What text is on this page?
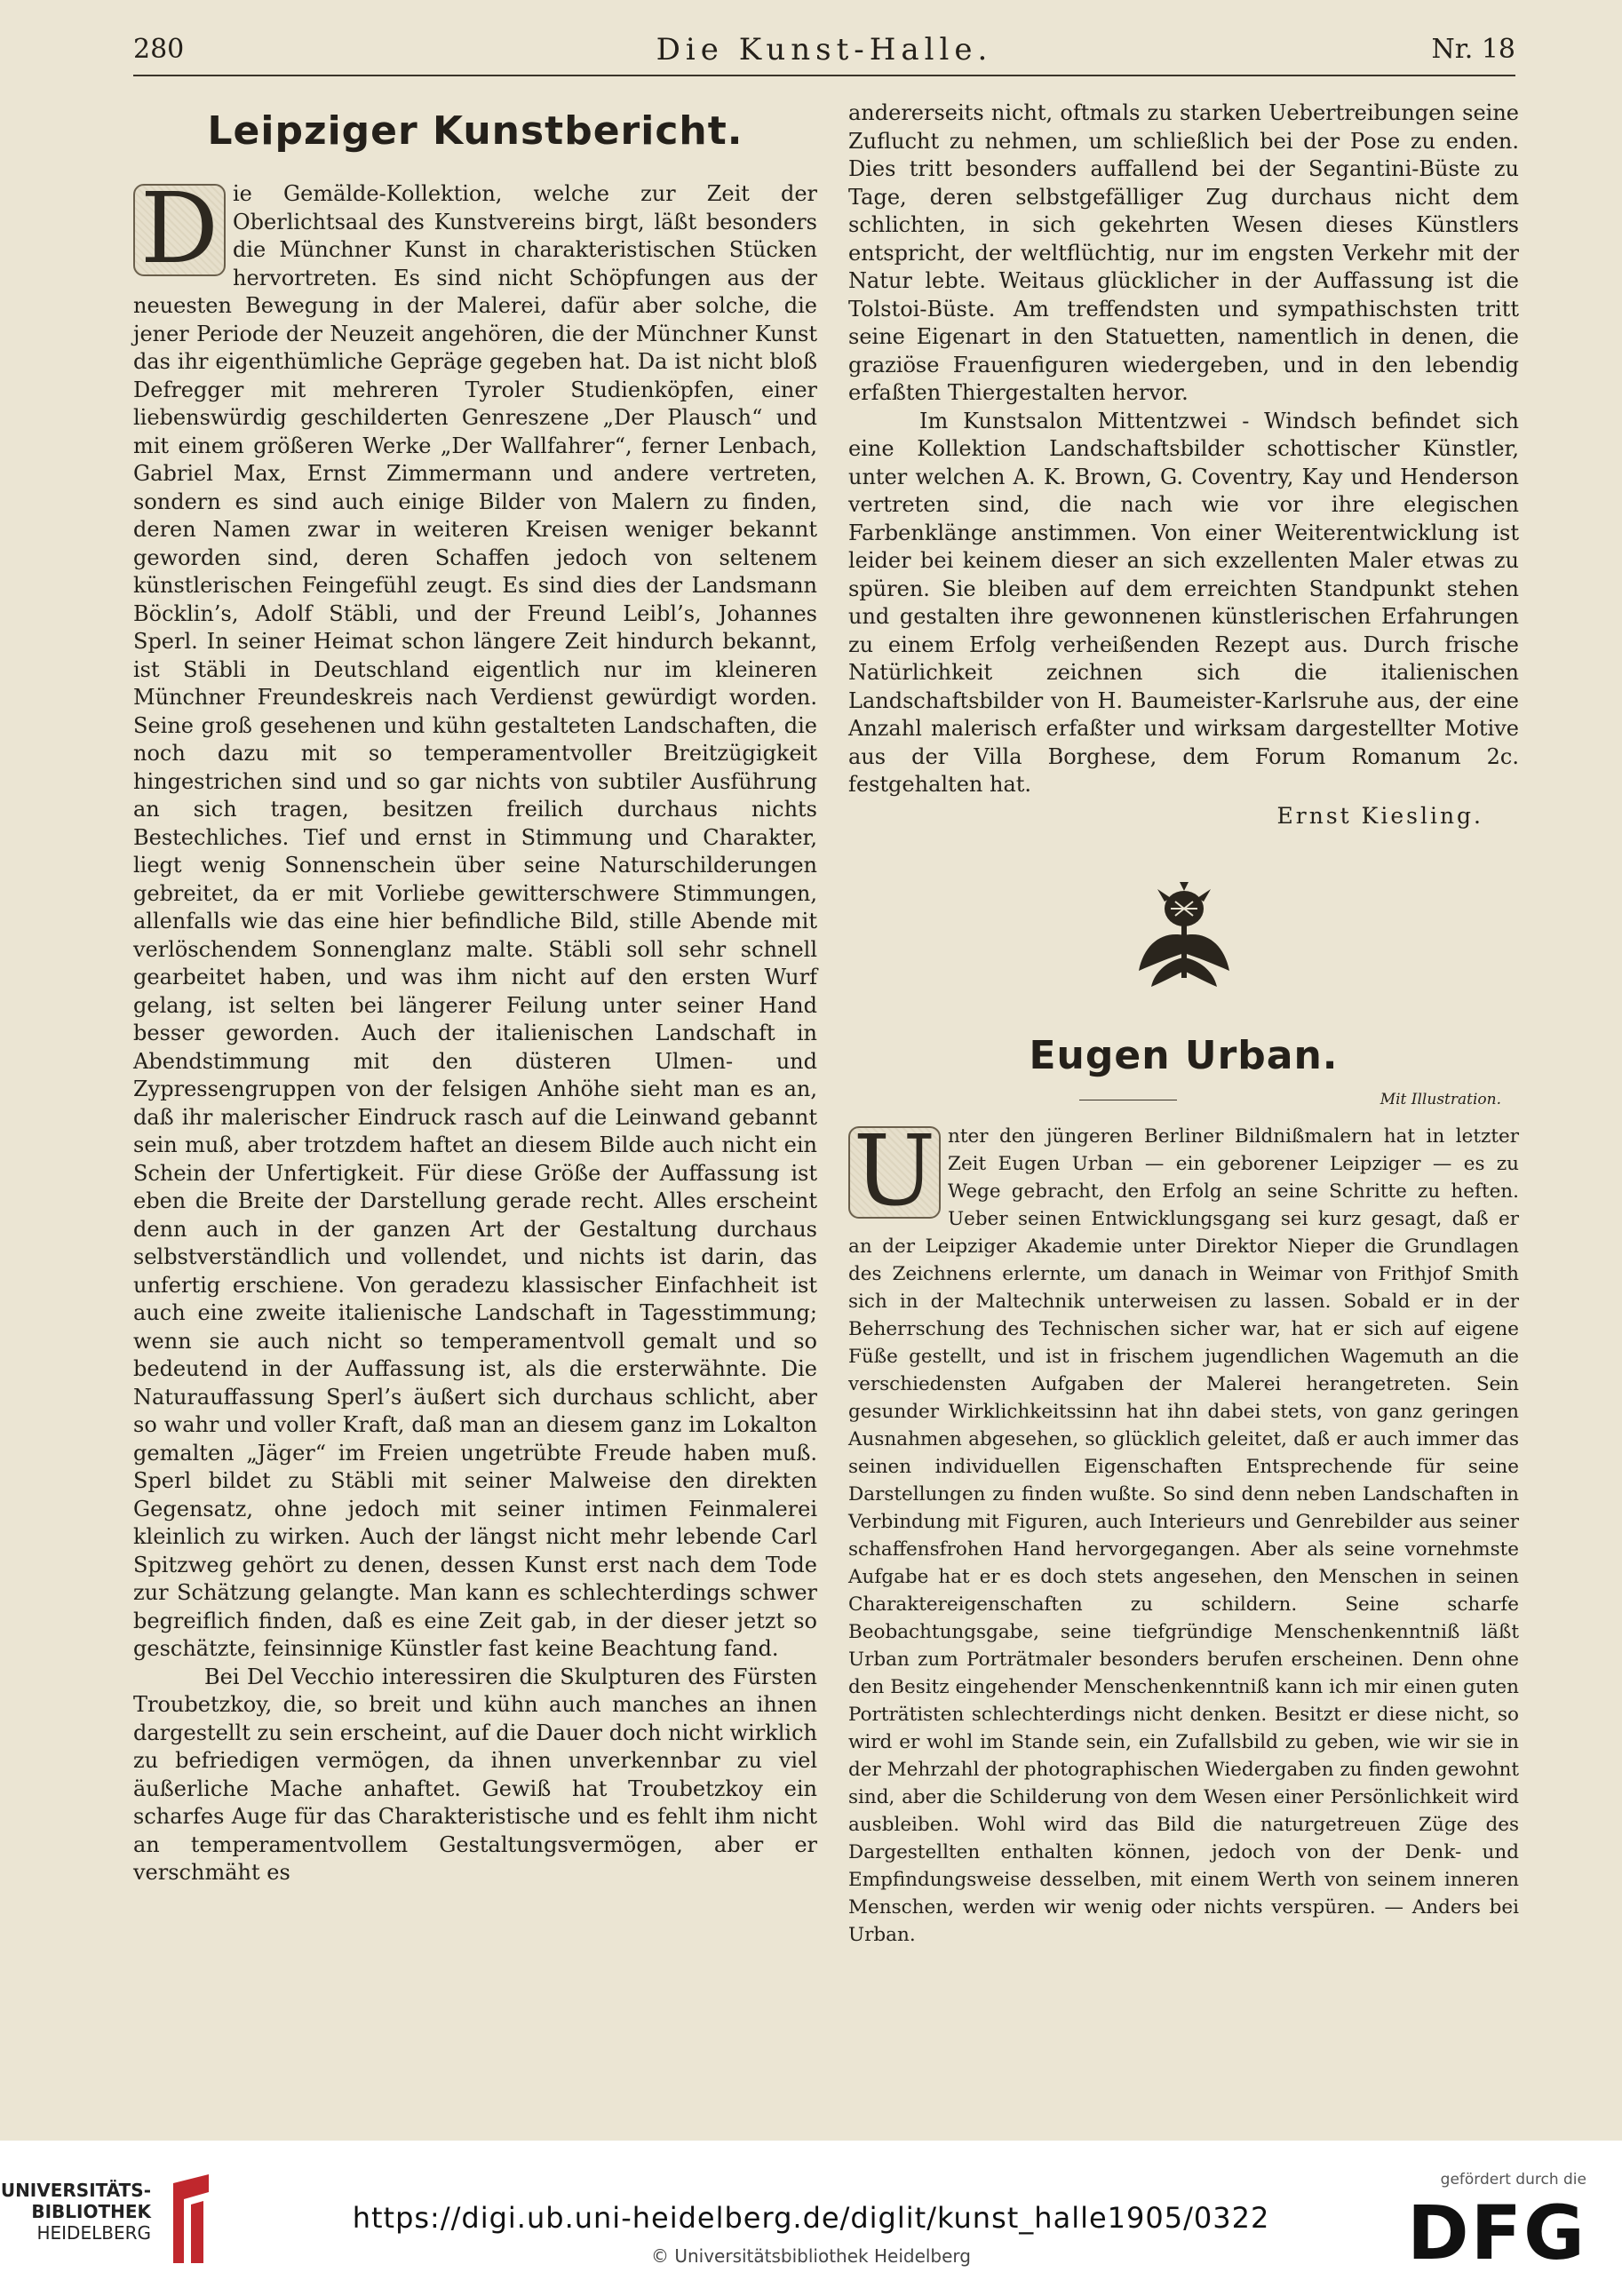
280	Die Kunst-Halle.	Nr. 18
Leipziger Kunstbericht.
D ie Gemälde-Kollektion, welche zur Zeit der Oberlichtsaal des Kunstvereins birgt, läßt besonders die Münchner Kunst in charakteristischen Stücken hervortreten. Es sind nicht Schöpfungen aus der neuesten Bewegung in der Malerei, dafür aber solche, die jener Periode der Neuzeit angehören, die der Münchner Kunst das ihr eigenthümliche Gepräge gegeben hat. Da ist nicht bloß Defregger mit mehreren Tyroler Studienköpfen, einer liebenswürdig geschilderten Genreszene „Der Plausch“ und mit einem größeren Werke „Der Wallfahrer“, ferner Lenbach, Gabriel Max, Ernst Zimmermann und andere vertreten, sondern es sind auch einige Bilder von Malern zu finden, deren Namen zwar in weiteren Kreisen weniger bekannt geworden sind, deren Schaffen jedoch von seltenem künstlerischen Feingefühl zeugt. Es sind dies der Landsmann Böcklin’s, Adolf Stäbli, und der Freund Leibl’s, Johannes Sperl. In seiner Heimat schon längere Zeit hindurch bekannt, ist Stäbli in Deutschland eigentlich nur im kleineren Münchner Freundeskreis nach Verdienst gewürdigt worden. Seine groß gesehenen und kühn gestalteten Landschaften, die noch dazu mit so temperamentvoller Breitzügigkeit hingestrichen sind und so gar nichts von subtiler Ausführung an sich tragen, besitzen freilich durchaus nichts Bestechliches. Tief und ernst in Stimmung und Charakter, liegt wenig Sonnenschein über seine Naturschilderungen gebreitet, da er mit Vorliebe gewitterschwere Stimmungen, allenfalls wie das eine hier befindliche Bild, stille Abende mit verlöschendem Sonnenglanz malte. Stäbli soll sehr schnell gearbeitet haben, und was ihm nicht auf den ersten Wurf gelang, ist selten bei längerer Feilung unter seiner Hand besser geworden. Auch der italienischen Landschaft in Abendstimmung mit den düsteren Ulmen- und Zypressengruppen von der felsigen Anhöhe sieht man es an, daß ihr malerischer Eindruck rasch auf die Leinwand gebannt sein muß, aber trotzdem haftet an diesem Bilde auch nicht ein Schein der Unfertigkeit. Für diese Größe der Auffassung ist eben die Breite der Darstellung gerade recht. Alles erscheint denn auch in der ganzen Art der Gestaltung durchaus selbstverständlich und vollendet, und nichts ist darin, das unfertig erschiene. Von geradezu klassischer Einfachheit ist auch eine zweite italienische Landschaft in Tagesstimmung; wenn sie auch nicht so temperamentvoll gemalt und so bedeutend in der Auffassung ist, als die ersterwähnte. Die Naturauffassung Sperl’s äußert sich durchaus schlicht, aber so wahr und voller Kraft, daß man an diesem ganz im Lokalton gemalten „Jäger“ im Freien ungetrübte Freude haben muß. Sperl bildet zu Stäbli mit seiner Malweise den direkten Gegensatz, ohne jedoch mit seiner intimen Feinmalerei kleinlich zu wirken. Auch der längst nicht mehr lebende Carl Spitzweg gehört zu denen, dessen Kunst erst nach dem Tode zur Schätzung gelangte. Man kann es schlechterdings schwer begreiflich finden, daß es eine Zeit gab, in der dieser jetzt so geschätzte, feinsinnige Künstler fast keine Beachtung fand.

Bei Del Vecchio interessiren die Skulpturen des Fürsten Troubetzkoy, die, so breit und kühn auch manches an ihnen dargestellt zu sein erscheint, auf die Dauer doch nicht wirklich zu befriedigen vermögen, da ihnen unverkennbar zu viel äußerliche Mache anhaftet. Gewiß hat Troubetzkoy ein scharfes Auge für das Charakteristische und es fehlt ihm nicht an temperamentvollem Gestaltungsvermögen, aber er verschmäht es

andererseits nicht, oftmals zu starken Uebertreibungen seine Zuflucht zu nehmen, um schließlich bei der Pose zu enden. Dies tritt besonders auffallend bei der Segantini-Büste zu Tage, deren selbstgefälliger Zug durchaus nicht dem schlichten, in sich gekehrten Wesen dieses Künstlers entspricht, der weltflüchtig, nur im engsten Verkehr mit der Natur lebte. Weitaus glücklicher in der Auffassung ist die Tolstoi-Büste. Am treffendsten und sympathischsten tritt seine Eigenart in den Statuetten, namentlich in denen, die graziöse Frauenfiguren wiedergeben, und in den lebendig erfaßten Thiergestalten hervor.

Im Kunstsalon Mittentzwei - Windsch befindet sich eine Kollektion Landschaftsbilder schottischer Künstler, unter welchen A. K. Brown, G. Coventry, Kay und Henderson vertreten sind, die nach wie vor ihre elegischen Farbenklänge anstimmen. Von einer Weiterentwicklung ist leider bei keinem dieser an sich exzellenten Maler etwas zu spüren. Sie bleiben auf dem erreichten Standpunkt stehen und gestalten ihre gewonnenen künstlerischen Erfahrungen zu einem Erfolg verheißenden Rezept aus. Durch frische Natürlichkeit zeichnen sich die italienischen Landschaftsbilder von H. Baumeister-Karlsruhe aus, der eine Anzahl malerisch erfaßter und wirksam dargestellter Motive aus der Villa Borghese, dem Forum Romanum 2c. festgehalten hat.

Ernst Kiesling.
Eugen Urban.
Mit Illustration.
U nter den jüngeren Berliner Bildnißmalern hat in letzter Zeit Eugen Urban — ein geborener Leipziger — es zu Wege gebracht, den Erfolg an seine Schritte zu heften. Ueber seinen Entwicklungsgang sei kurz gesagt, daß er an der Leipziger Akademie unter Direktor Nieper die Grundlagen des Zeichnens erlernte, um danach in Weimar von Frithjof Smith sich in der Maltechnik unterweisen zu lassen. Sobald er in der Beherrschung des Technischen sicher war, hat er sich auf eigene Füße gestellt, und ist in frischem jugendlichen Wagemuth an die verschiedensten Aufgaben der Malerei herangetreten. Sein gesunder Wirklichkeitssinn hat ihn dabei stets, von ganz geringen Ausnahmen abgesehen, so glücklich geleitet, daß er auch immer das seinen individuellen Eigenschaften Entsprechende für seine Darstellungen zu finden wußte. So sind denn neben Landschaften in Verbindung mit Figuren, auch Interieurs und Genrebilder aus seiner schaffensfrohen Hand hervorgegangen. Aber als seine vornehmste Aufgabe hat er es doch stets angesehen, den Menschen in seinen Charaktereigenschaften zu schildern. Seine scharfe Beobachtungsgabe, seine tiefgründige Menschenkenntniß läßt Urban zum Porträtmaler besonders berufen erscheinen. Denn ohne den Besitz eingehender Menschenkenntniß kann ich mir einen guten Porträtisten schlechterdings nicht denken. Besitzt er diese nicht, so wird er wohl im Stande sein, ein Zufallsbild zu geben, wie wir sie in der Mehrzahl der photographischen Wiedergaben zu finden gewohnt sind, aber die Schilderung von dem Wesen einer Persönlichkeit wird ausbleiben. Wohl wird das Bild die naturgetreuen Züge des Dargestellten enthalten können, jedoch von der Denk- und Empfindungsweise desselben, mit einem Werth von seinem inneren Menschen, werden wir wenig oder nichts verspüren. — Anders bei Urban.

UNIVERSITÄTS-
BIBLIOTHEK
HEIDELBERG	https://digi.ub.uni-heidelberg.de/diglit/kunst_halle1905/0322
© Universitätsbibliothek Heidelberg
gefördert durch die
DFG
